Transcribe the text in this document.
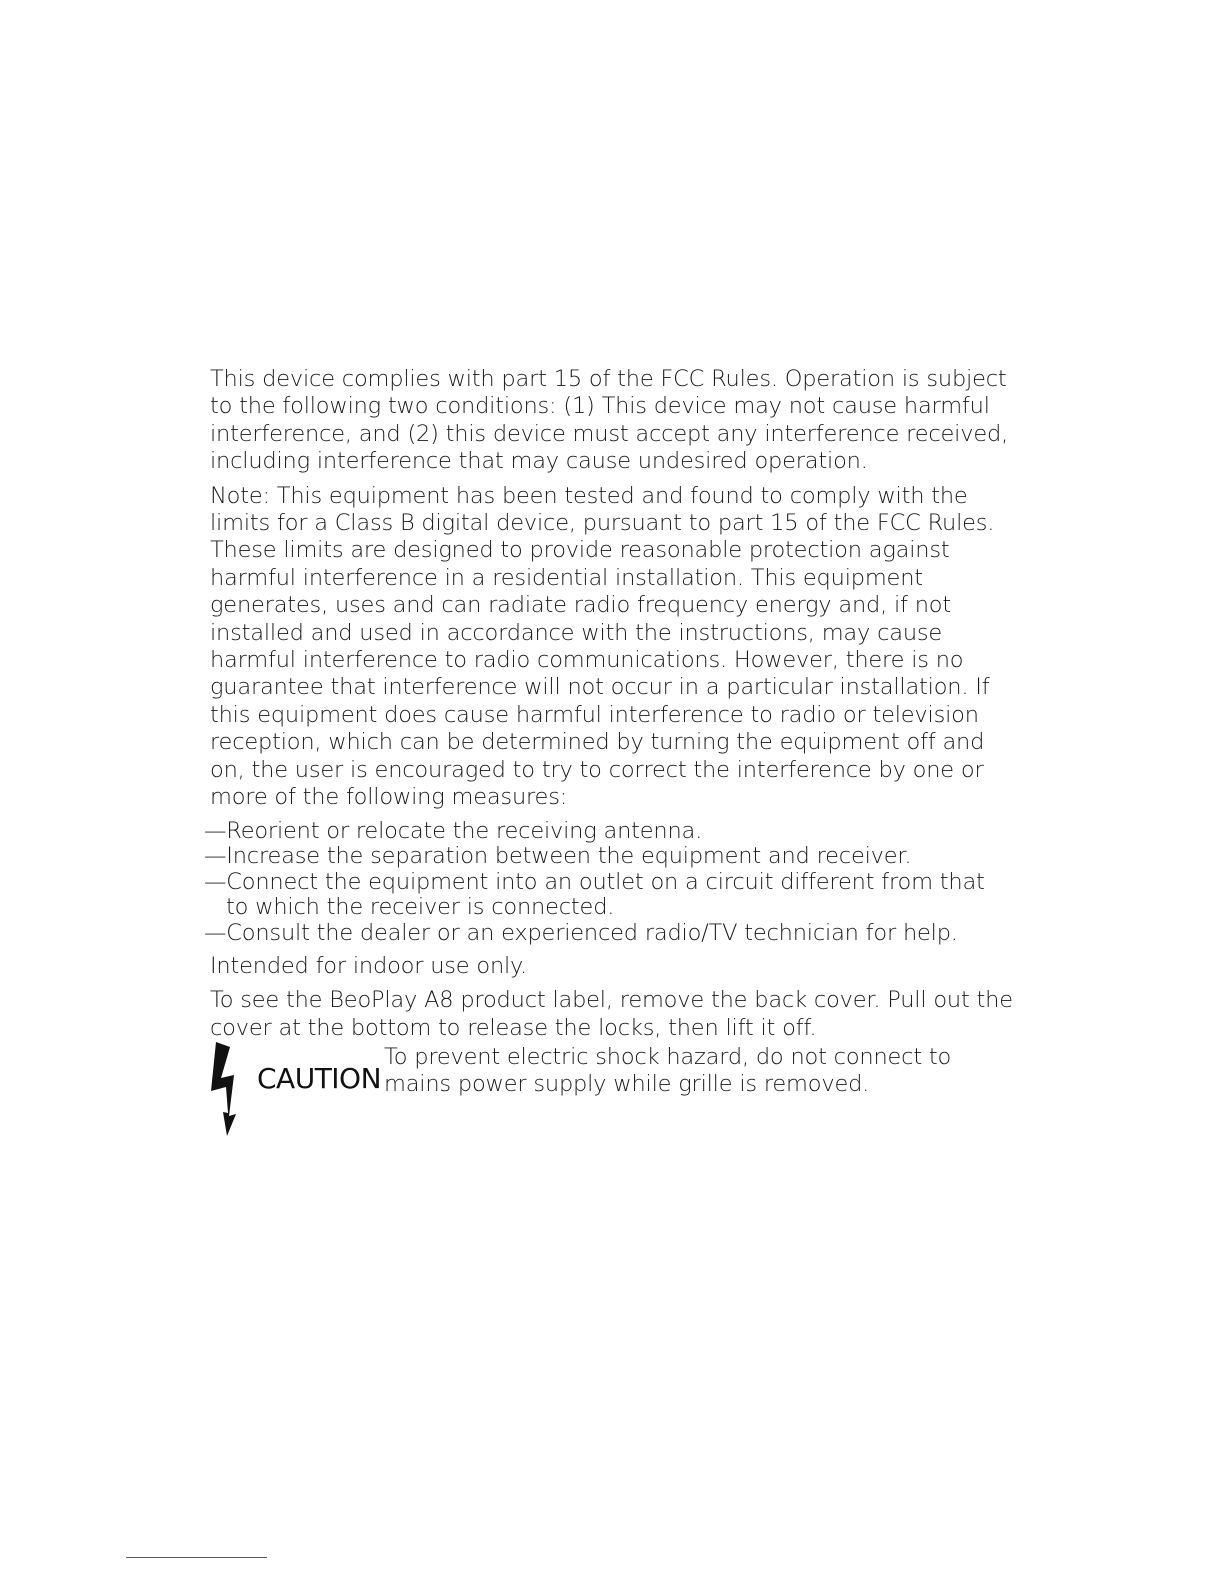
This device complies with part 15 of the FCC Rules. Operation is subject
to the following two conditions: (1) This device may not cause harmful
interference, and (2) this device must accept any interference received,
including interference that may cause undesired operation.

Note: This equipment has been tested and found to comply with the
limits for a Class B digital device, pursuant to part 15 of the FCC Rules.
These limits are designed to provide reasonable protection against
harmful interference in a residential installation. This equipment
generates, uses and can radiate radio frequency energy and, if not
installed and used in accordance with the instructions, may cause
harmful interference to radio communications. However, there is no
guarantee that interference will not occur in a particular installation. If
this equipment does cause harmful interference to radio or television
reception, which can be determined by turning the equipment off and
on, the user is encouraged to try to correct the interference by one or
more of the following measures:

—Reorient or relocate the receiving antenna.
—Increase the separation between the equipment and receiver.
—Connect the equipment into an outlet on a circuit different from that
to which the receiver is connected.
—Consult the dealer or an experienced radio/TV technician for help.

Intended for indoor use only.

To see the BeoPlay A8 product label, remove the back cover. Pull out the
cover at the bottom to release the locks, then lift it off.

CAUTION
To prevent electric shock hazard, do not connect to
mains power supply while grille is removed.
